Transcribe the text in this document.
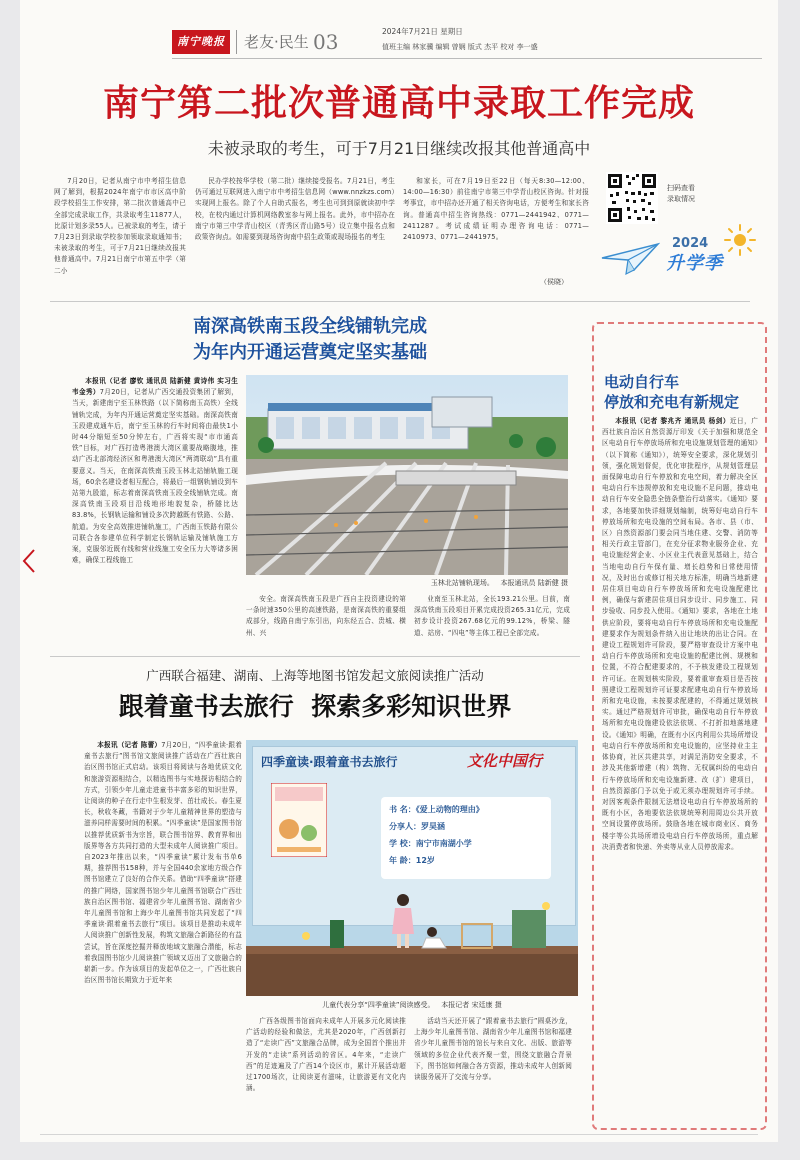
南宁晚报	老友·民生 03	2024年7月21日 星期日
值班主编 林家骥 编辑 曾娴 版式 杰平 校对 李一盛
南宁第二批次普通高中录取工作完成
未被录取的考生，可于7月21日继续改报其他普通高中

7月20日，记者从南宁市中考招生信息网了解到，根据2024年南宁市市区高中阶段学校招生工作安排，第二批次普通高中已全部完成录取工作，共录取考生11877人，比原计划多录55人。已被录取的考生，请于7月23日到录取学校参加领取录取通知书；未被录取的考生，可于7月21日继续改报其他普通高中。7月21日南宁市第五中学（第二小

民办学校按华学校（第二批）继续接受报名。7月21日，考生仍可通过互联网进入南宁市中考招生信息网（www.nnzkzs.com）实现网上报名。除了个人自助式报名，考生也可到到原就读初中学校，在校内通过计算机网络教室参与网上报名。此外，市中招办在南宁市第三中学青山校区（青秀区青山路5号）设立集中报名点和政策咨询点。如需要到现场咨询南中招生政策或现场报名的考生

和家长，可在7月19日至22日（每天8:30—12:00、14:00—16:30）前往南宁市第三中学青山校区咨询。针对报考事宜，市中招办还开通了相关咨询电话，方便考生和家长咨询。普通高中招生咨询热线：0771—2441942、0771—2411287。考试成绩证明办理咨询电话：0771—2410973、0771—2441975。

（侯晓）
扫码查看
录取情况
2024
升学季
南深高铁南玉段全线铺轨完成
为年内开通运营奠定坚实基础

本报讯（记者 廖钦 通讯员 陆新健 黄诗伟 实习生 韦金秀）7月20日，记者从广西交通投资集团了解到，当天，新建南宁至玉林铁路（以下简称南玉高铁）全线铺轨完成，为年内开通运营奠定坚实基础。南深高铁南玉段建成通车后，南宁至玉林的行车时间将由最快1小时44分缩短至50分钟左右，广西将实现“市市通高铁”目标，对广西打造粤港澳大湾区重要战略腹地，推动广西北部湾经济区和粤港澳大湾区“两湾联动”具有重要意义。当天，在南深高铁南玉段玉林北站铺轨施工现场，60余名建设者相互配合，将最后一组钢轨铺设到车站第九股道，标志着南深高铁南玉段全线铺轨完成。南深高铁南玉段项目沿线地形地貌复杂，桥隧比达83.8%，长钢轨运输和铺设多次跨越既有铁路、公路、航道。为安全高效推进铺轨施工，广西南玉铁路有限公司联合各参建单位科学制定长钢轨运输及铺轨施工方案，克服邻近既有线和营业线施工安全压力大等诸多困难，确保工程线施工

玉林北站铺轨现场。 本报通讯员 陆新健 摄

安全。南深高铁南玉段是广西自主投资建设的第一条时速350公里的高速铁路，是南深高铁的重要组成部分，线路自南宁东引出，向东经五合、贵城、横州、兴

业南至玉林北站，全长193.21公里。目前，南深高铁南玉段项目开累完成投资265.31亿元，完成初步设计投资267.68亿元的99.12%，桥梁、隧道、站房、“四电”等主体工程已全部完成。

电动自行车
停放和充电有新规定

本报讯（记者 黎兆齐 通讯员 杨剑）近日，广西壮族自治区自然资源厅印发《关于加强和规范全区电动自行车停放场所和充电设施规划管理的通知》（以下简称《通知》），统筹安全要求，深化规划引领，强化规划督促，优化审批程序，从规划管理层面保障电动自行车停放和充电空间，着力解决全区电动自行车违规停放和充电设施不足问题，推动电动自行车安全隐患全链条整治行动落实。《通知》要求，各地要加快详细规划编制，统筹好电动自行车停放场所和充电设施的空间布局。各市、县（市、区）自然资源部门要会同当地住建、交警、消防等相关行政主管部门，在充分征求物业服务企业、充电设施经营企业、小区业主代表意见基础上，结合当地电动自行车保有量、增长趋势和日常使用情况，及时出台或修订相关地方标准，明确当地新建居住项目电动自行车停放场所和充电设施配建比例，确保与新建居住项目同步设计、同步施工、同步验收、同步投入使用。《通知》要求，各地在土地供应阶段，要将电动自行车停放场所和充电设施配建要求作为规划条件纳入出让地块的出让合同。在建设工程规划许可阶段，要严格审查设计方案中电动自行车停放场所和充电设施的配建比例、规模和位置，不符合配建要求的，不予核发建设工程规划许可证。在规划核实阶段，要着重审查项目是否按照建设工程规划许可证要求配建电动自行车停放场所和充电设施，未按要求配建的，不得通过规划核实。通过严格规划许可审批，确保电动自行车停放场所和充电设施建设依法依规、不打折扣地落地建设。《通知》明确，在既有小区内利用公共场所增设电动自行车停放场所和充电设施的，应坚持业主主体协商，社区共建共享，对满足消防安全要求，不涉及其他新增建（构）筑物、无权属纠纷的电动自行车停放场所和充电设施新建、改（扩）建项目，自然资源部门予以免于或无须办理规划许可手续。对因客观条件限制无法增设电动自行车停放场所的既有小区，各地要依法依规统筹利用周边公共开放空间设置停放场所。鼓励各地在城市商业区、商务楼宇等公共场所增设电动自行车停放场所，重点解决消费者和快递、外卖等从业人员停放需求。

广西联合福建、湖南、上海等地图书馆发起文旅阅读推广活动
跟着童书去旅行  探索多彩知识世界

本报讯（记者 陈蕾）7月20日，“四季童读·跟着童书去旅行”图书馆文旅阅读推广活动在广西壮族自治区图书馆正式启动。该项目将阅读与各地优质文化和旅游资源相结合，以精选图书与实地探访相结合的方式，引领少年儿童走进童书丰富多彩的知识世界，让阅读的种子在行走中生根发芽、茁壮成长。春生夏长，秋收冬藏，书籍对于少年儿童精神世界的塑造与滋养同样需要时间的积累。“四季童读”是国家图书馆以推荐优质新书为宗旨，联合图书馆界、教育界和出版界等各方共同打造的大型未成年人阅读推广项目。自2023年推出以来，“四季童读”累计发布书单6期，推荐图书158种，并与全国440余家地方级合作图书馆建立了良好的合作关系。借助“四季童读”搭建的推广网络，国家图书馆少年儿童图书馆联合广西壮族自治区图书馆、福建省少年儿童图书馆、湖南省少年儿童图书馆和上海少年儿童图书馆共同发起了“四季童读·跟着童书去旅行”项目。该项目是推动未成年人阅读推广创新性发展，构筑文旅融合新路径的有益尝试，旨在深度挖掘并释放地域文旅融合潜能，标志着我国图书馆少儿阅读推广领域又迈出了文旅融合的崭新一步。作为该项目的发起单位之一，广西壮族自治区图书馆长期致力于近年来

四季童读·跟着童书去旅行	文化中国行
书 名：《爱上动物的理由》
分享人：罗昊涵
学 校：南宁市南湖小学
年 龄：12岁
儿童代表分享“四季童读”阅读感受。 本报记者 宋廷康 摄

广西各级图书馆面向未成年人开展多元化阅读推广活动的经验和做法，尤其是2020年，广西创新打造了“走读广西”文旅融合品牌，成为全国首个推出并开发的“走读”系列活动的省区。4年来，“走读广西”的足迹遍及了广西14个设区市，累计开展活动超过1700场次，让阅读更有滋味，让旅游更有文化内涵。

活动当天还开展了“跟着童书去旅行”圆桌沙龙，上海少年儿童图书馆、湖南省少年儿童图书馆和福建省少年儿童图书馆的馆长与来自文化、出版、旅游等领域的多位企业代表齐聚一堂，围绕文旅融合背景下，图书馆如何融合各方资源，推动未成年人创新阅读服务展开了交流与分享。
